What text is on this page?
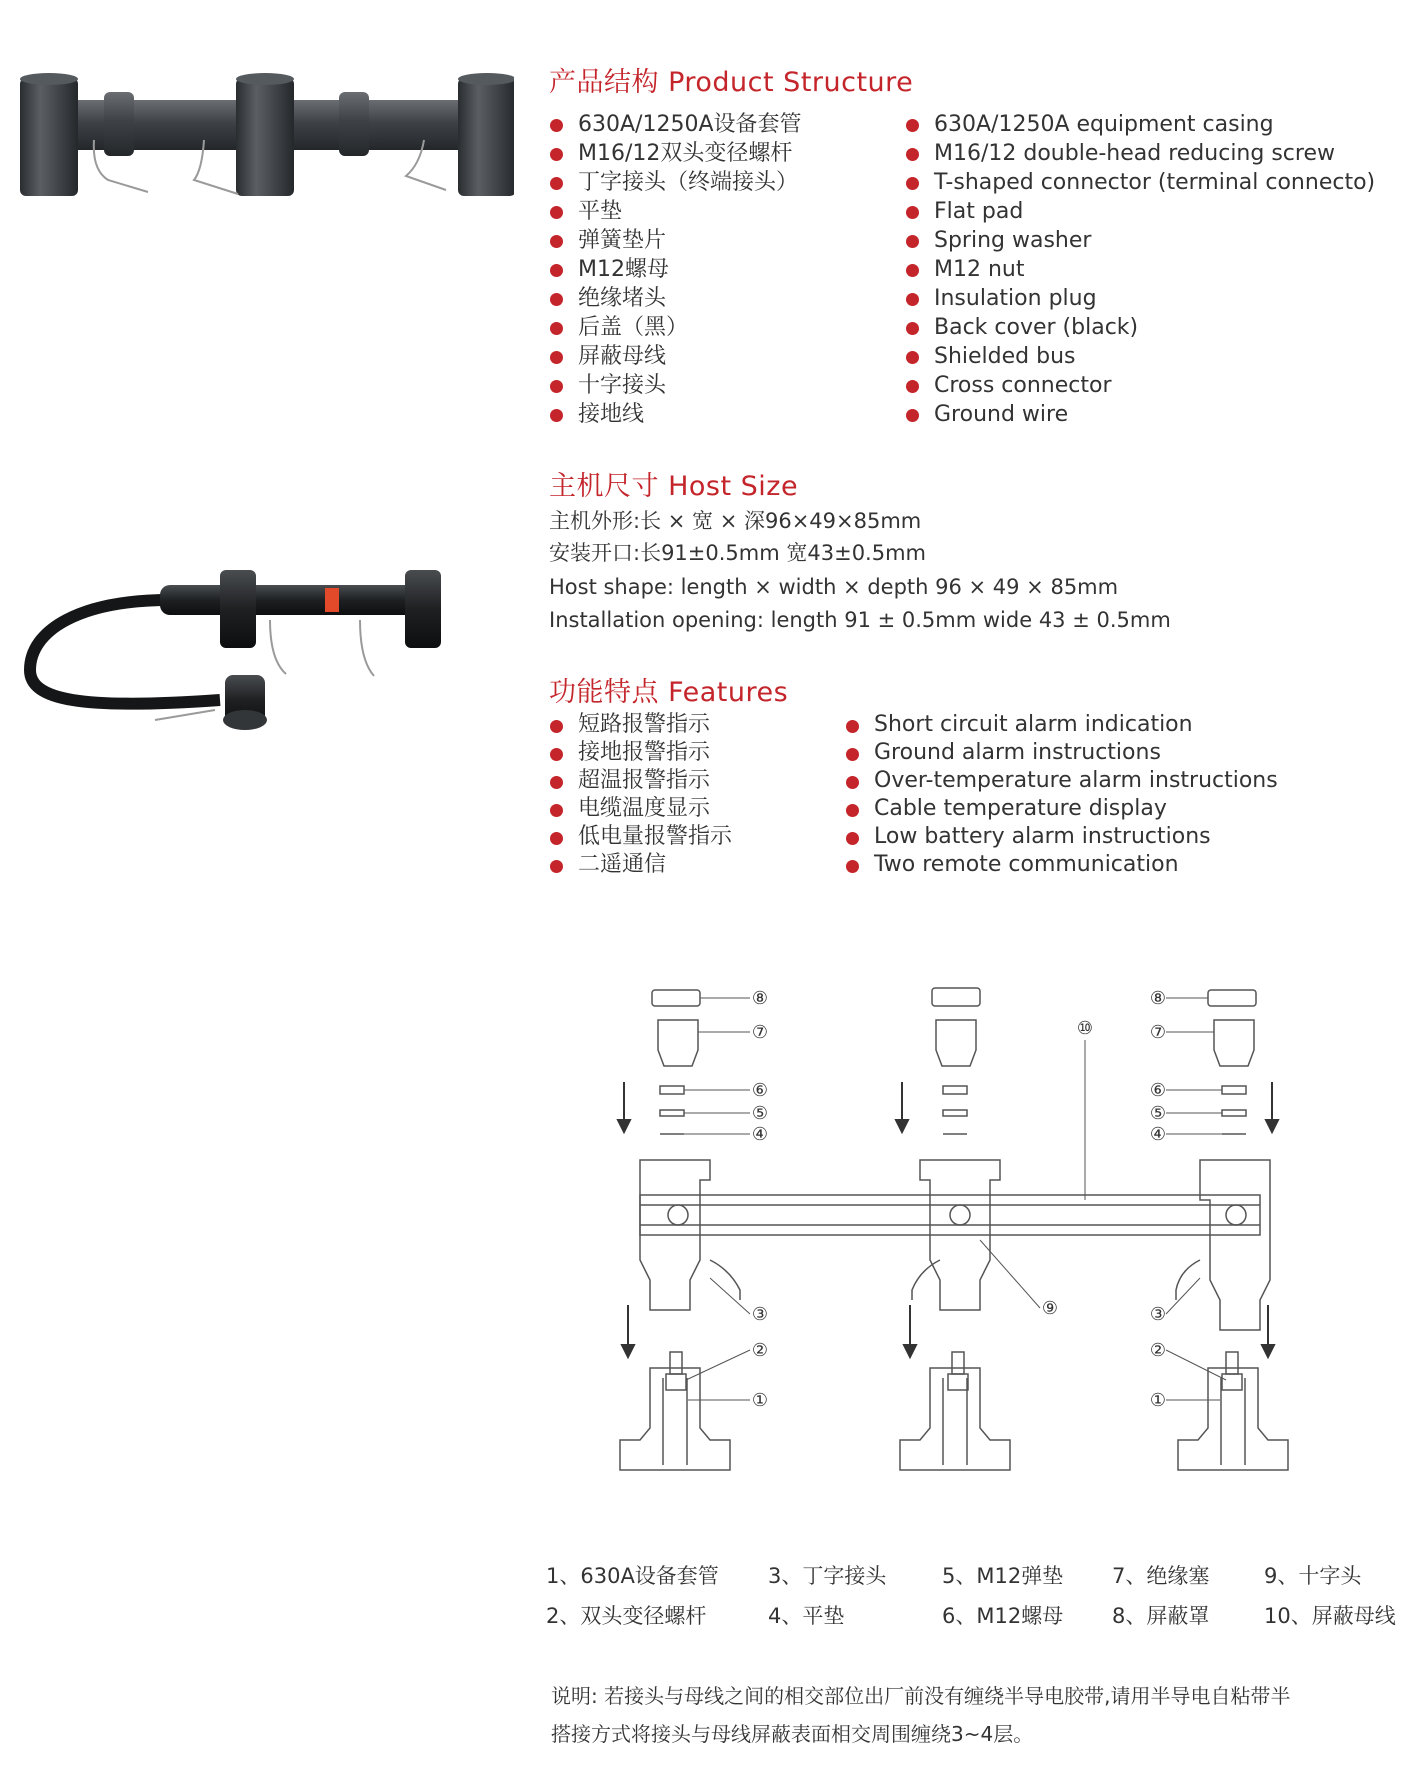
产品结构 Product Structure
630A/1250A设备套管
M16/12双头变径螺杆
丁字接头（终端接头）
平垫
弹簧垫片
M12螺母
绝缘堵头
后盖（黑）
屏蔽母线
十字接头
接地线
630A/1250A equipment casing
M16/12 double-head reducing screw
T-shaped connector (terminal connecto)
Flat pad
Spring washer
M12 nut
Insulation plug
Back cover (black)
Shielded bus
Cross connector
Ground wire
主机尺寸 Host Size
主机外形:长 × 宽 × 深96×49×85mm
安装开口:长91±0.5mm 宽43±0.5mm
Host shape: length × width × depth 96 × 49 × 85mm
Installation opening: length 91 ± 0.5mm wide 43 ± 0.5mm
功能特点 Features
短路报警指示
接地报警指示
超温报警指示
电缆温度显示
低电量报警指示
二遥通信
Short circuit alarm indication
Ground alarm instructions
Over-temperature alarm instructions
Cable temperature display
Low battery alarm instructions
Two remote communication
⑧
⑦
⑥
⑤
④
③
②
①
⑨
⑩
⑧
⑦
⑥
⑤
④
③
②
①
1、630A设备套管
2、双头变径螺杆
3、丁字接头
4、平垫
5、M12弹垫
6、M12螺母
7、绝缘塞
8、屏蔽罩
9、十字头
10、屏蔽母线
说明: 若接头与母线之间的相交部位出厂前没有缠绕半导电胶带,请用半导电自粘带半
搭接方式将接头与母线屏蔽表面相交周围缠绕3~4层。
